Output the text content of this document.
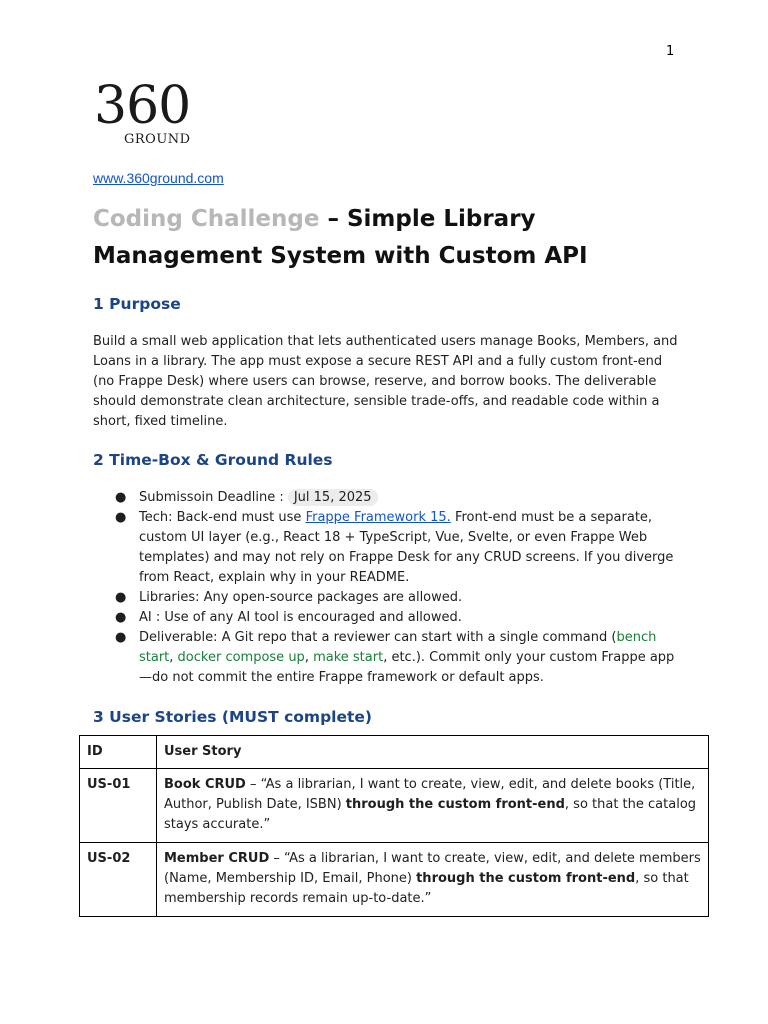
1
360
GROUND
www.360ground.com
Coding Challenge – Simple Library Management System with Custom API
1 Purpose

Build a small web application that lets authenticated users manage Books, Members, and Loans in a library. The app must expose a secure REST API and a fully custom front-end (no Frappe Desk) where users can browse, reserve, and borrow books. The deliverable should demonstrate clean architecture, sensible trade-offs, and readable code within a short, fixed timeline.

2 Time-Box & Ground Rules
● Submissoin Deadline : Jul 15, 2025
● Tech: Back-end must use Frappe Framework 15. Front-end must be a separate, custom UI layer (e.g., React 18 + TypeScript, Vue, Svelte, or even Frappe Web templates) and may not rely on Frappe Desk for any CRUD screens. If you diverge from React, explain why in your README.
● Libraries: Any open-source packages are allowed.
● AI : Use of any AI tool is encouraged and allowed.
● Deliverable: A Git repo that a reviewer can start with a single command (bench start, docker compose up, make start, etc.). Commit only your custom Frappe app—do not commit the entire Frappe framework or default apps.
3 User Stories (MUST complete)
ID	User Story
US-01	Book CRUD – “As a librarian, I want to create, view, edit, and delete books (Title, Author, Publish Date, ISBN) through the custom front-end, so that the catalog stays accurate.”
US-02	Member CRUD – “As a librarian, I want to create, view, edit, and delete members (Name, Membership ID, Email, Phone) through the custom front-end, so that membership records remain up-to-date.”
